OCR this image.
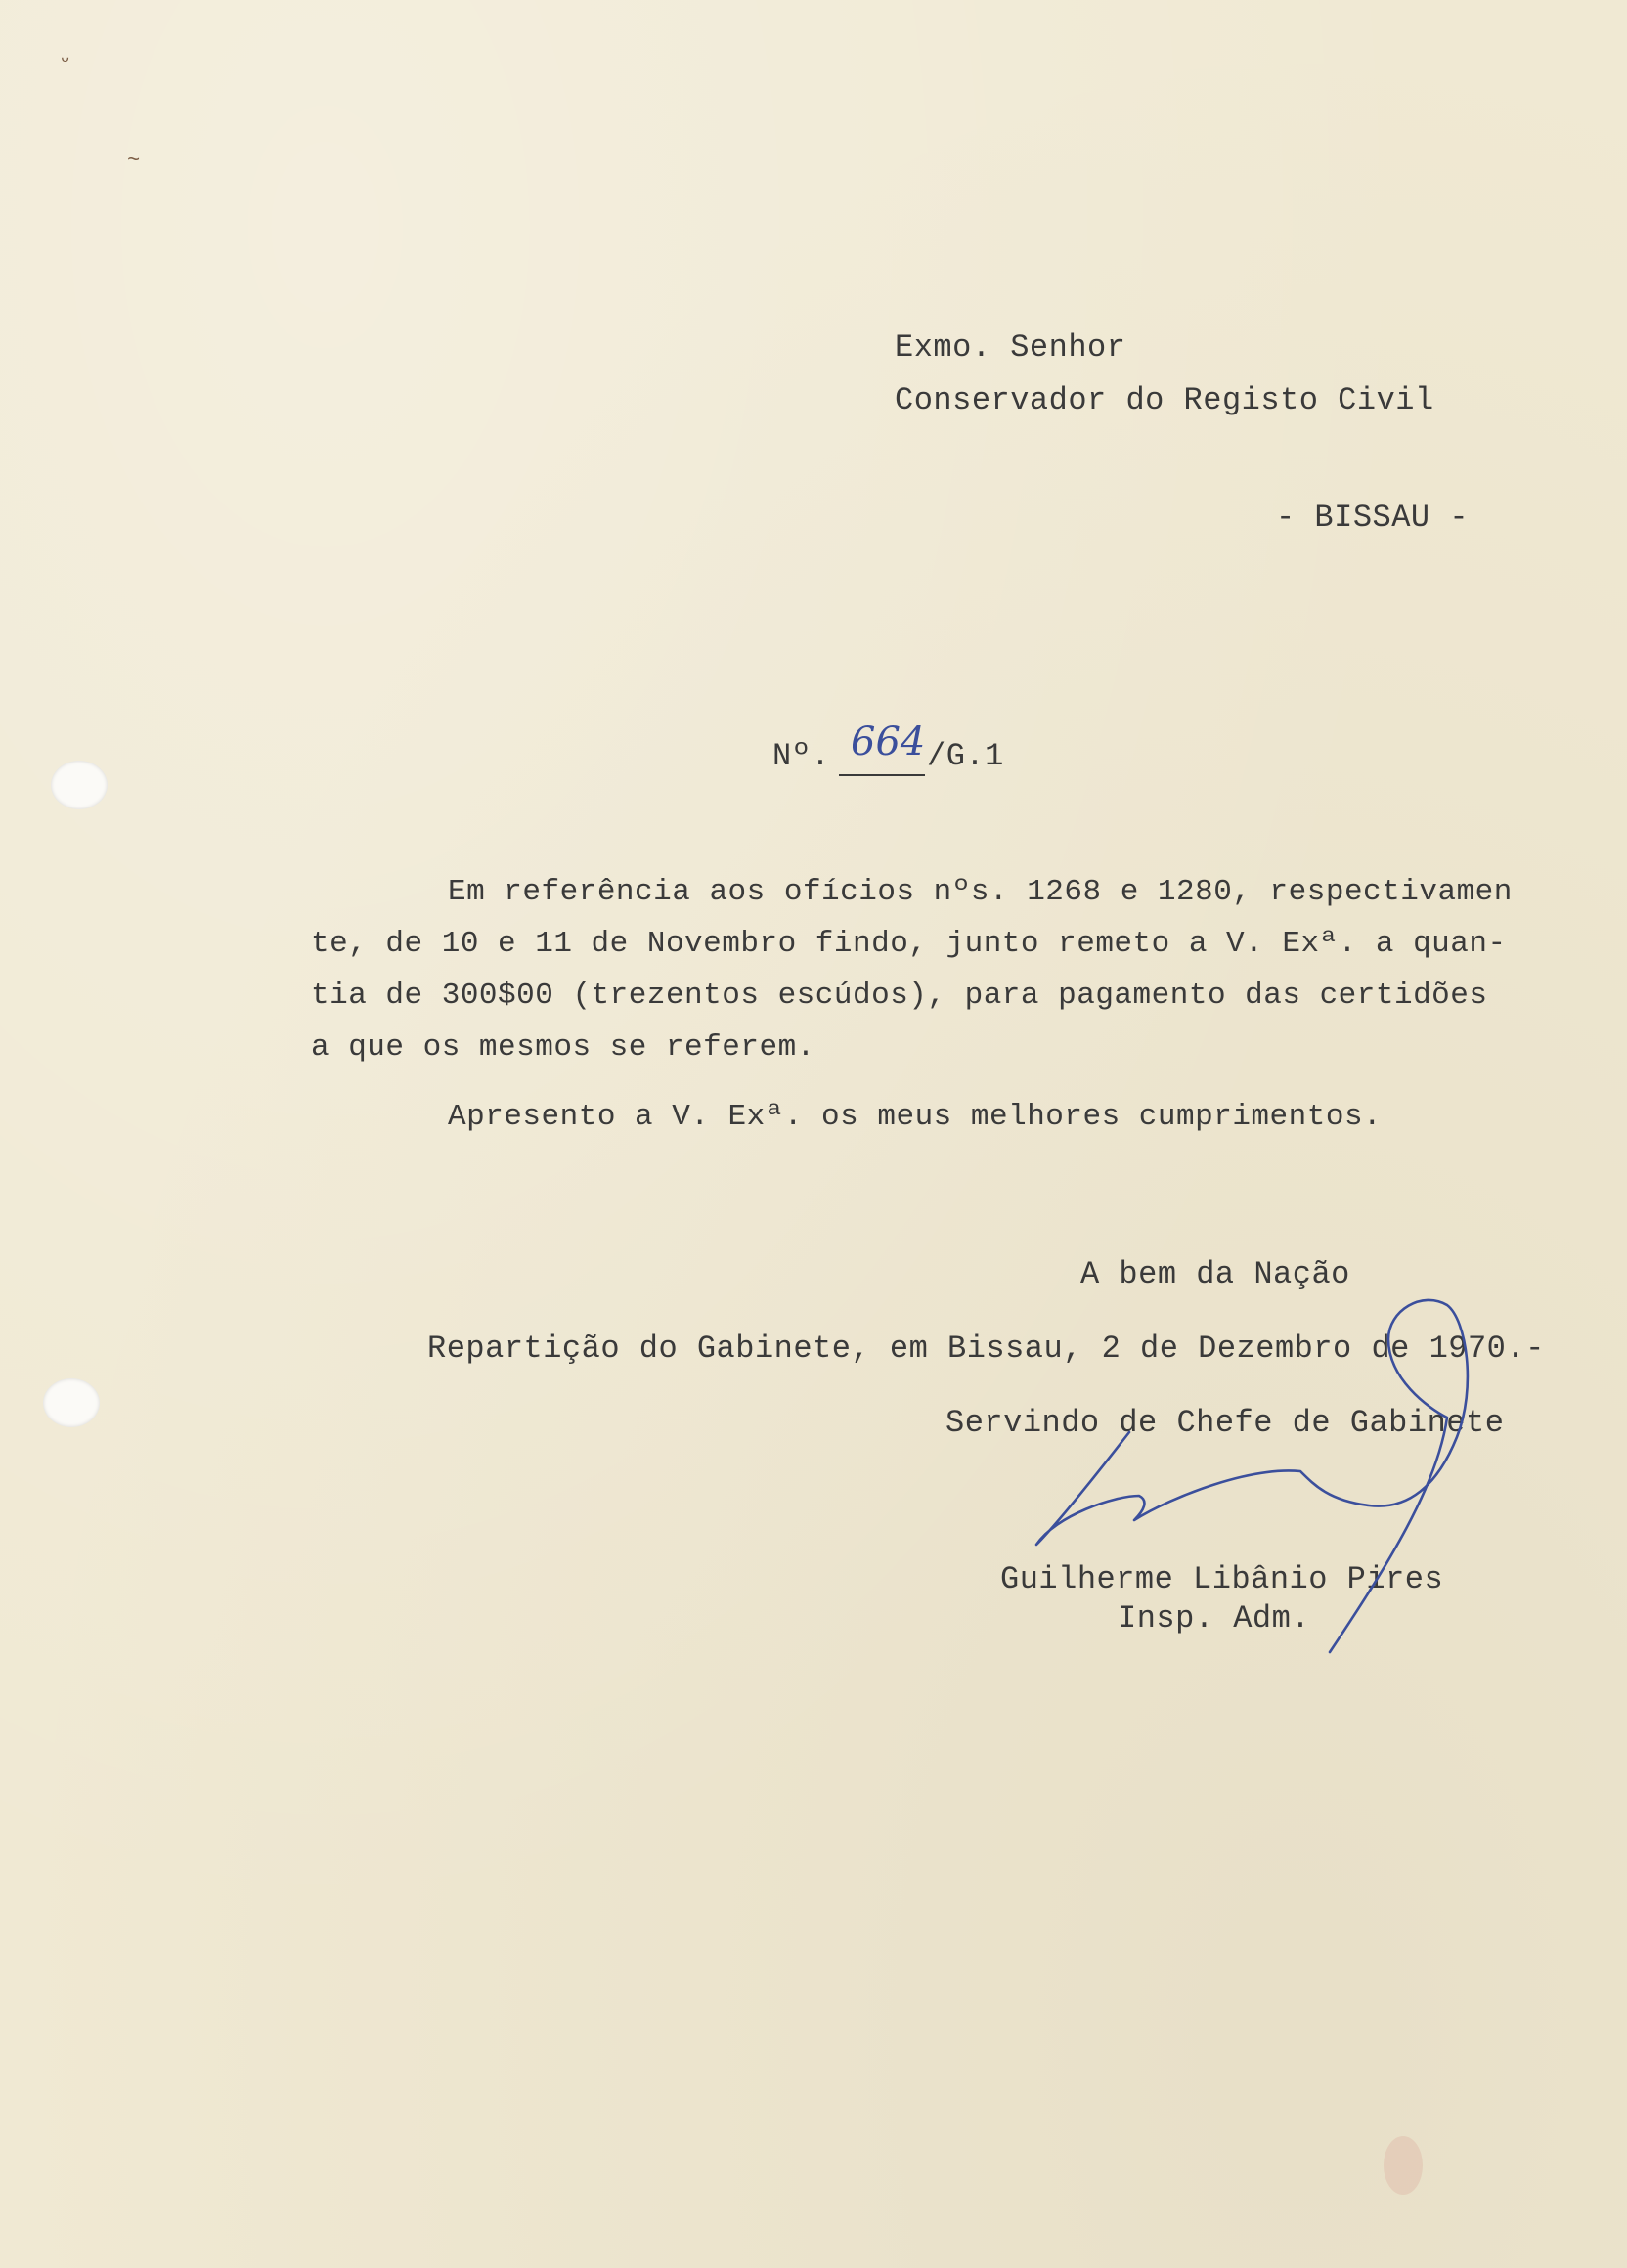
ᵕ
~
Exmo. Senhor
Conservador do Registo Civil
- BISSAU -
Nº. 664 /G.1
Em referência aos ofícios nºs. 1268 e 1280, respectivamen
te, de 10 e 11 de Novembro findo, junto remeto a V. Exª. a quan-
tia de 300$00 (trezentos escúdos), para pagamento das certidões
a que os mesmos se referem.
Apresento a V. Exª. os meus melhores cumprimentos.
A bem da Nação
Repartição do Gabinete, em Bissau, 2 de Dezembro de 1970.-
Servindo de Chefe de Gabinete
Guilherme Libânio Pires
Insp. Adm.
